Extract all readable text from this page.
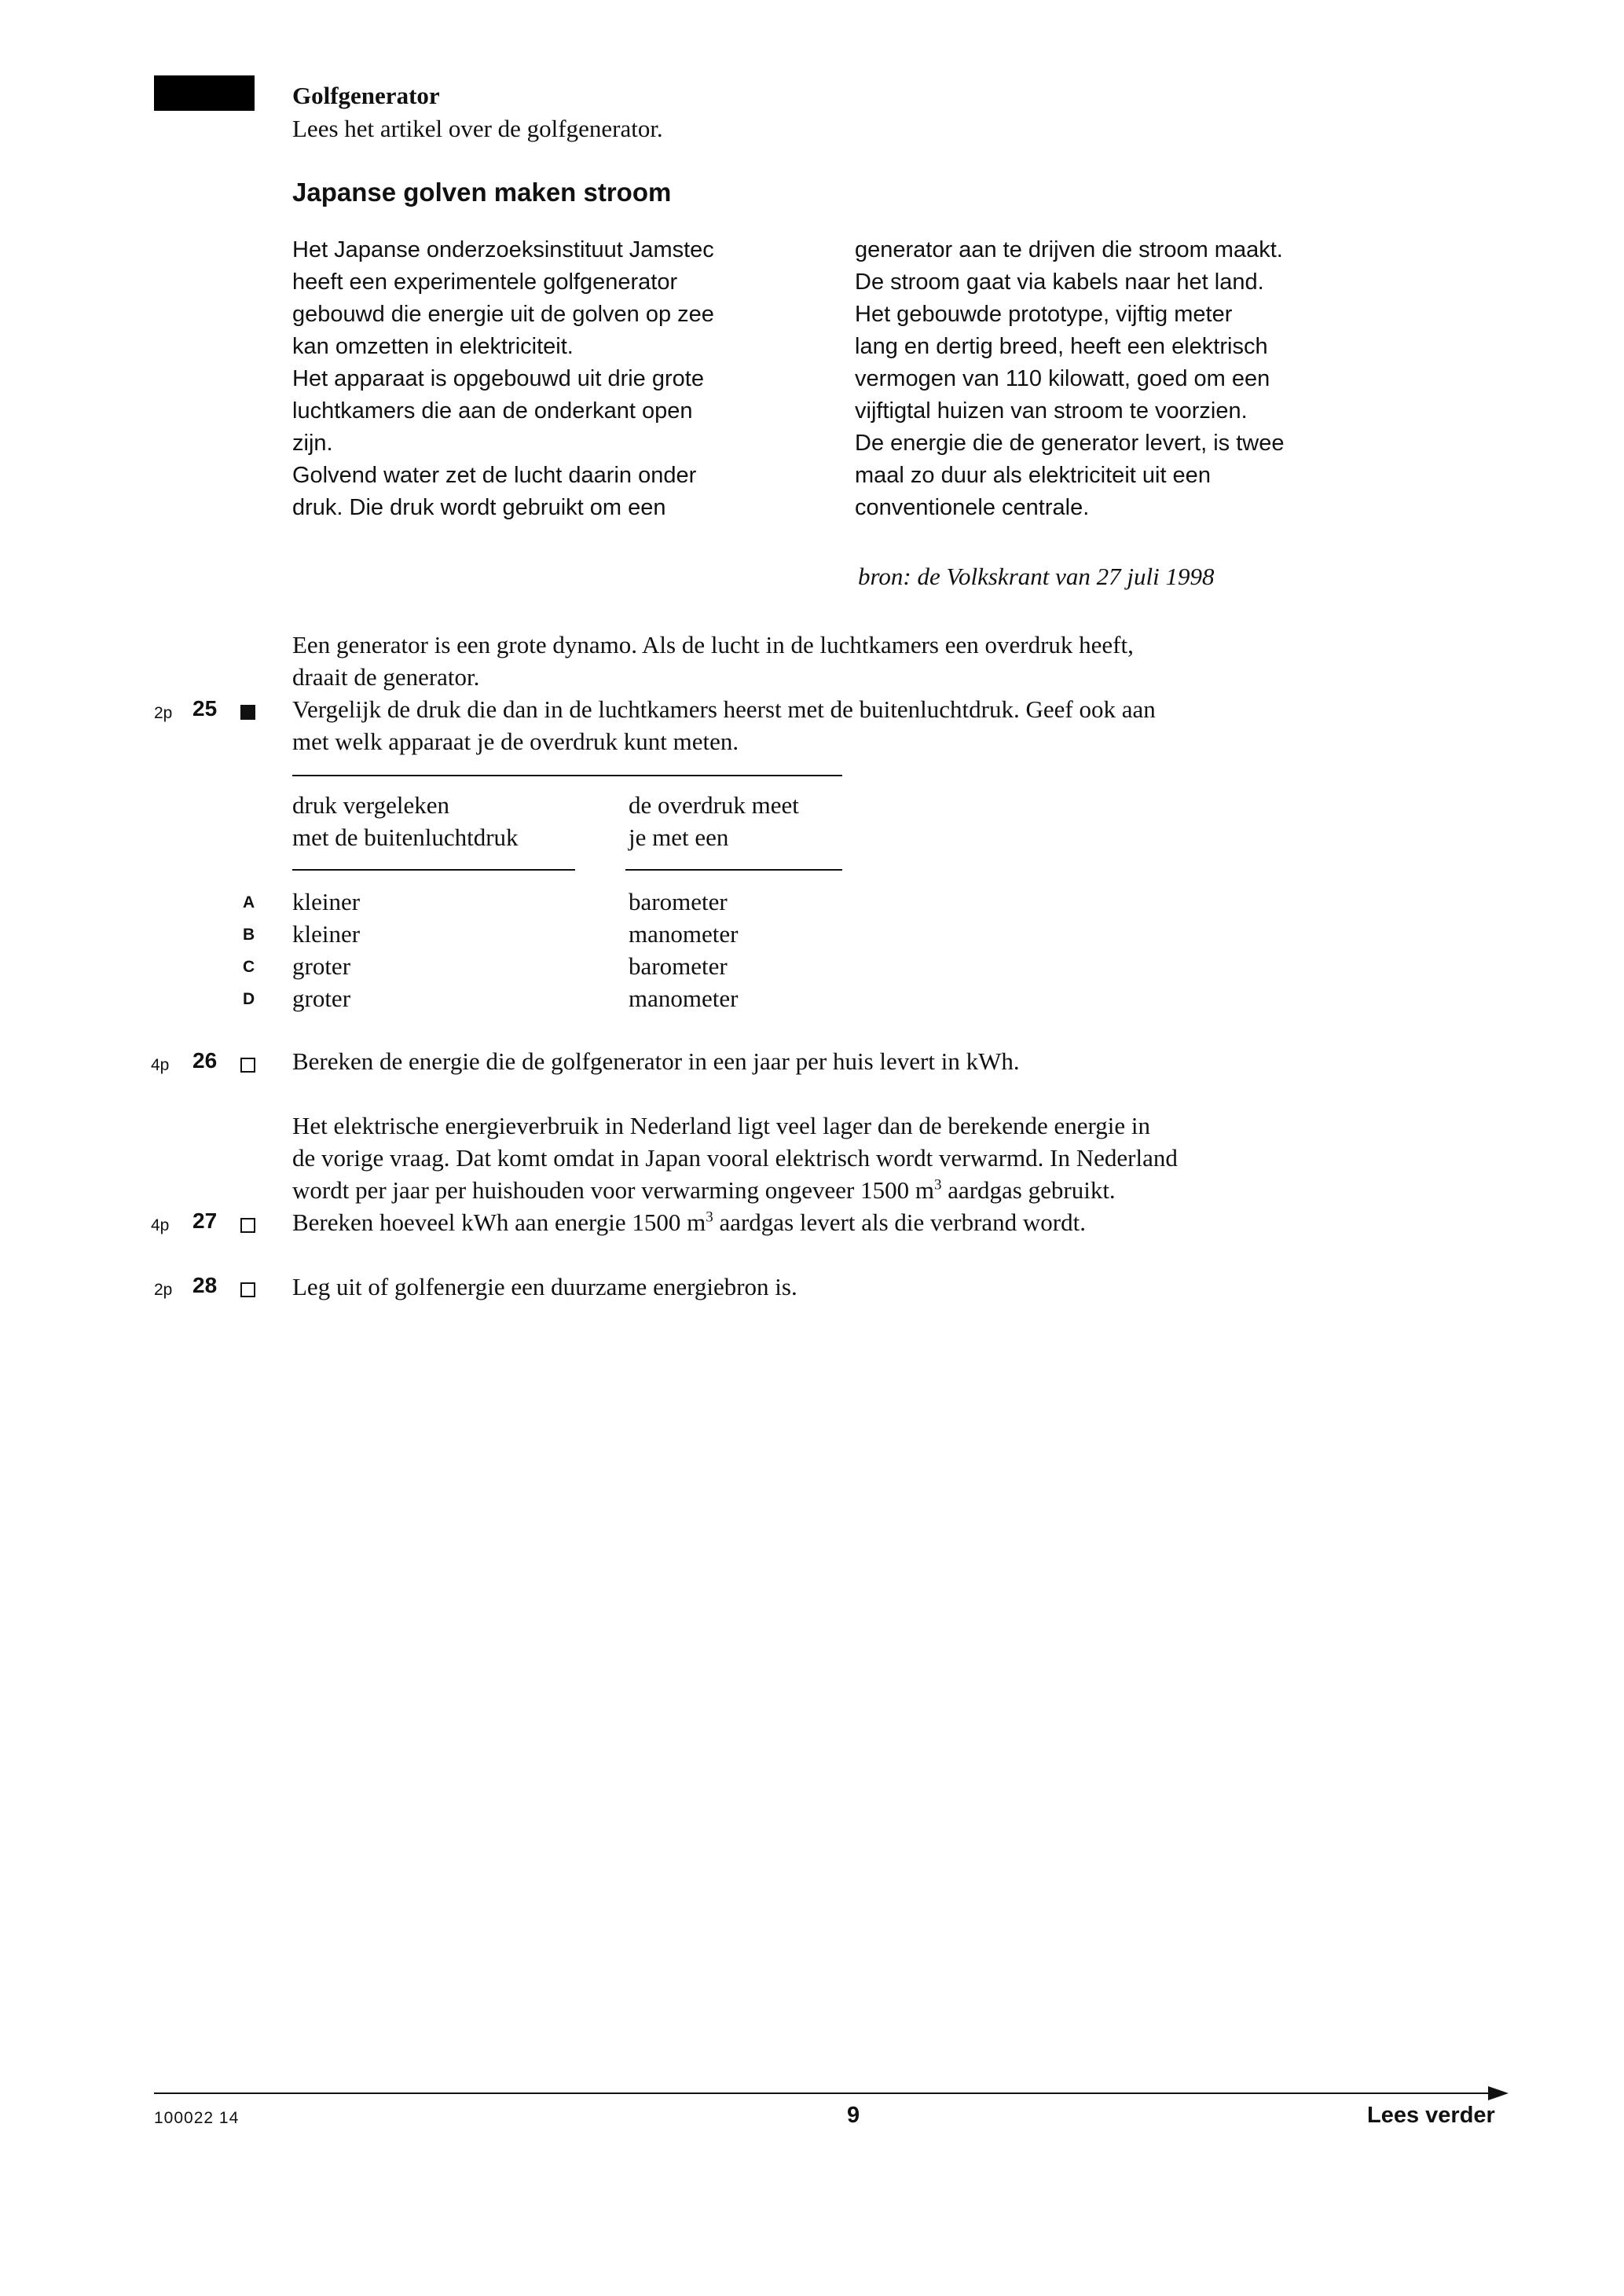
Golfgenerator
Lees het artikel over de golfgenerator.
Japanse golven maken stroom
Het Japanse onderzoeksinstituut Jamstec
heeft een experimentele golfgenerator
gebouwd die energie uit de golven op zee
kan omzetten in elektriciteit.
Het apparaat is opgebouwd uit drie grote
luchtkamers die aan de onderkant open
zijn.
Golvend water zet de lucht daarin onder
druk. Die druk wordt gebruikt om een
generator aan te drijven die stroom maakt.
De stroom gaat via kabels naar het land.
Het gebouwde prototype, vijftig meter
lang en dertig breed, heeft een elektrisch
vermogen van 110 kilowatt, goed om een
vijftigtal huizen van stroom te voorzien.
De energie die de generator levert, is twee
maal zo duur als elektriciteit uit een
conventionele centrale.
bron: de Volkskrant van 27 juli 1998
Een generator is een grote dynamo. Als de lucht in de luchtkamers een overdruk heeft,
draait de generator.
2p 25	Vergelijk de druk die dan in de luchtkamers heerst met de buitenluchtdruk. Geef ook aan
met welk apparaat je de overdruk kunt meten.
druk vergeleken
met de buitenluchtdruk
de overdruk meet
je met een
A kleiner	barometer
B kleiner	manometer
C groter	barometer
D groter	manometer
4p 26	Bereken de energie die de golfgenerator in een jaar per huis levert in kWh.
Het elektrische energieverbruik in Nederland ligt veel lager dan de berekende energie in
de vorige vraag. Dat komt omdat in Japan vooral elektrisch wordt verwarmd. In Nederland
wordt per jaar per huishouden voor verwarming ongeveer 1500 $m^3$ aardgas gebruikt.
4p 27	Bereken hoeveel kWh aan energie 1500 $m^3$ aardgas levert als die verbrand wordt.
2p 28	Leg uit of golfenergie een duurzame energiebron is.
100022 14	9	Lees verder
